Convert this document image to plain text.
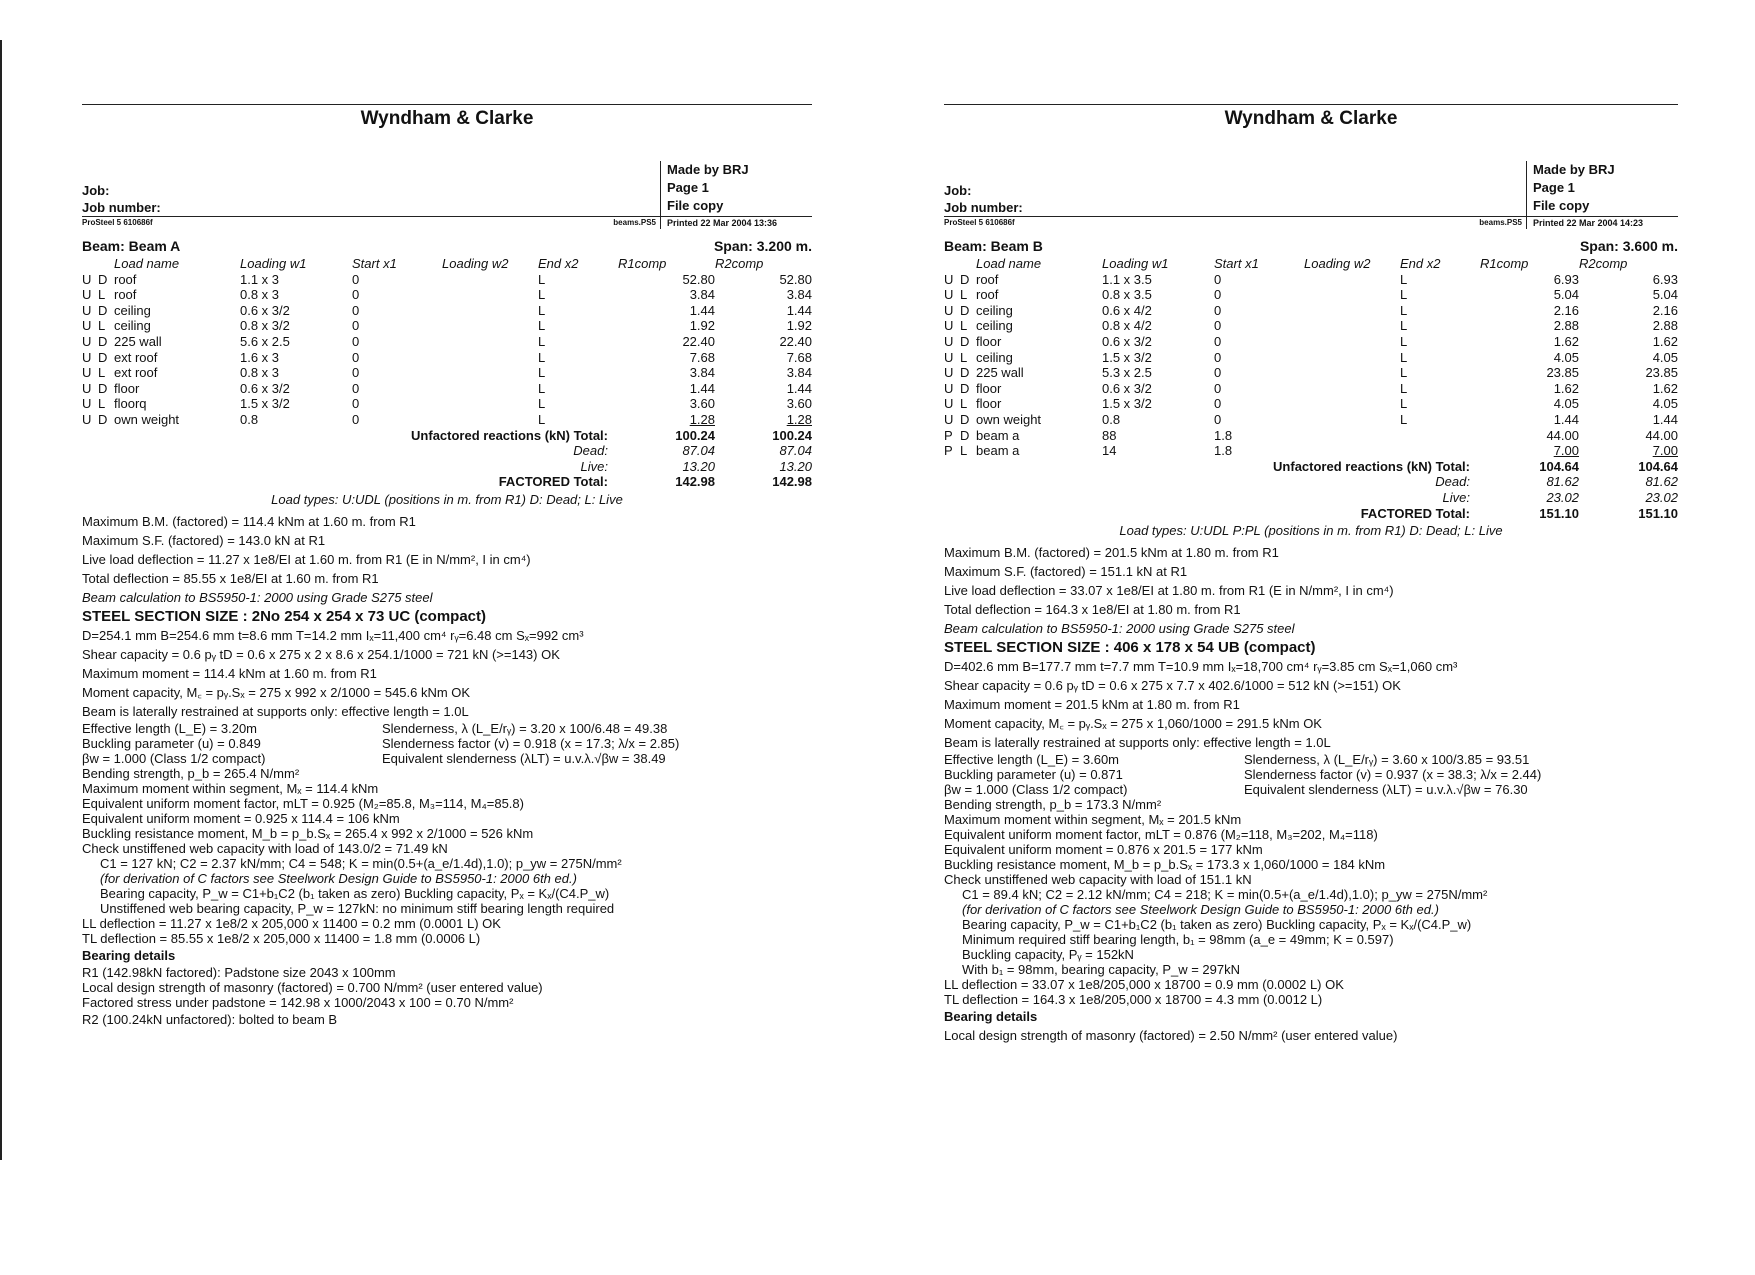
Wyndham & Clarke
Job:
Job number:
Made by BRJ
Page 1
File copy
ProSteel 5 610686f	beams.PS5	Printed 22 Mar 2004 13:36
Beam: Beam A	Span: 3.200 m.
		Load name	Loading w1	Start x1	Loading w2	End x2	R1comp	R2comp
U	D	roof	1.1 x 3	0		L	52.80	52.80
U	L	roof	0.8 x 3	0		L	3.84	3.84
U	D	ceiling	0.6 x 3/2	0		L	1.44	1.44
U	L	ceiling	0.8 x 3/2	0		L	1.92	1.92
U	D	225 wall	5.6 x 2.5	0		L	22.40	22.40
U	D	ext roof	1.6 x 3	0		L	7.68	7.68
U	L	ext roof	0.8 x 3	0		L	3.84	3.84
U	D	floor	0.6 x 3/2	0		L	1.44	1.44
U	L	floorq	1.5 x 3/2	0		L	3.60	3.60
U	D	own weight	0.8	0		L	1.28	1.28
Unfactored reactions (kN) Total:							100.24	100.24
Dead:							87.04	87.04
Live:							13.20	13.20
FACTORED Total:							142.98	142.98
Load types: U:UDL (positions in m. from R1) D: Dead; L: Live
Maximum B.M. (factored) = 114.4 kNm at 1.60 m. from R1
Maximum S.F. (factored) = 143.0 kN at R1
Live load deflection = 11.27 x 1e8/EI at 1.60 m. from R1 (E in N/mm², I in cm⁴)
Total deflection = 85.55 x 1e8/EI at 1.60 m. from R1
Beam calculation to BS5950-1: 2000 using Grade S275 steel
STEEL SECTION SIZE : 2No 254 x 254 x 73 UC (compact)
D=254.1 mm B=254.6 mm t=8.6 mm T=14.2 mm Iₓ=11,400 cm⁴ rᵧ=6.48 cm Sₓ=992 cm³
Shear capacity = 0.6 pᵧ tD = 0.6 x 275 x 2 x 8.6 x 254.1/1000 = 721 kN (>=143) OK
Maximum moment = 114.4 kNm at 1.60 m. from R1
Moment capacity, M꜀ = pᵧ.Sₓ = 275 x 992 x 2/1000 = 545.6 kNm OK
Beam is laterally restrained at supports only: effective length = 1.0L
Effective length (L_E) = 3.20m	Slenderness, λ (L_E/rᵧ) = 3.20 x 100/6.48 = 49.38
Buckling parameter (u) = 0.849	Slenderness factor (v) = 0.918 (x = 17.3; λ/x = 2.85)
βw = 1.000 (Class 1/2 compact)	Equivalent slenderness (λLT) = u.v.λ.√βw = 38.49
Bending strength, p_b = 265.4 N/mm²
Maximum moment within segment, Mₓ = 114.4 kNm
Equivalent uniform moment factor, mLT = 0.925 (M₂=85.8, M₃=114, M₄=85.8)
Equivalent uniform moment = 0.925 x 114.4 = 106 kNm
Buckling resistance moment, M_b = p_b.Sₓ = 265.4 x 992 x 2/1000 = 526 kNm
Check unstiffened web capacity with load of 143.0/2 = 71.49 kN
C1 = 127 kN; C2 = 2.37 kN/mm; C4 = 548; K = min(0.5+(a_e/1.4d),1.0); p_yw = 275N/mm²
(for derivation of C factors see Steelwork Design Guide to BS5950-1: 2000 6th ed.)
Bearing capacity, P_w = C1+b₁C2 (b₁ taken as zero) Buckling capacity, Pₓ = Kₓ/(C4.P_w)
Unstiffened web bearing capacity, P_w = 127kN: no minimum stiff bearing length required
LL deflection = 11.27 x 1e8/2 x 205,000 x 11400 = 0.2 mm (0.0001 L) OK
TL deflection = 85.55 x 1e8/2 x 205,000 x 11400 = 1.8 mm (0.0006 L)
Bearing details
R1 (142.98kN factored): Padstone size 2043 x 100mm
Local design strength of masonry (factored) = 0.700 N/mm² (user entered value)
Factored stress under padstone = 142.98 x 1000/2043 x 100 = 0.70 N/mm²
R2 (100.24kN unfactored): bolted to beam B
Wyndham & Clarke
Job:
Job number:
Made by BRJ
Page 1
File copy
ProSteel 5 610686f	beams.PS5	Printed 22 Mar 2004 14:23
Beam: Beam B	Span: 3.600 m.
		Load name	Loading w1	Start x1	Loading w2	End x2	R1comp	R2comp
U	D	roof	1.1 x 3.5	0		L	6.93	6.93
U	L	roof	0.8 x 3.5	0		L	5.04	5.04
U	D	ceiling	0.6 x 4/2	0		L	2.16	2.16
U	L	ceiling	0.8 x 4/2	0		L	2.88	2.88
U	D	floor	0.6 x 3/2	0		L	1.62	1.62
U	L	ceiling	1.5 x 3/2	0		L	4.05	4.05
U	D	225 wall	5.3 x 2.5	0		L	23.85	23.85
U	D	floor	0.6 x 3/2	0		L	1.62	1.62
U	L	floor	1.5 x 3/2	0		L	4.05	4.05
U	D	own weight	0.8	0		L	1.44	1.44
P	D	beam a	88	1.8			44.00	44.00
P	L	beam a	14	1.8			7.00	7.00
Unfactored reactions (kN) Total:							104.64	104.64
Dead:							81.62	81.62
Live:							23.02	23.02
FACTORED Total:							151.10	151.10
Load types: U:UDL P:PL (positions in m. from R1) D: Dead; L: Live
Maximum B.M. (factored) = 201.5 kNm at 1.80 m. from R1
Maximum S.F. (factored) = 151.1 kN at R1
Live load deflection = 33.07 x 1e8/EI at 1.80 m. from R1 (E in N/mm², I in cm⁴)
Total deflection = 164.3 x 1e8/EI at 1.80 m. from R1
Beam calculation to BS5950-1: 2000 using Grade S275 steel
STEEL SECTION SIZE : 406 x 178 x 54 UB (compact)
D=402.6 mm B=177.7 mm t=7.7 mm T=10.9 mm Iₓ=18,700 cm⁴ rᵧ=3.85 cm Sₓ=1,060 cm³
Shear capacity = 0.6 pᵧ tD = 0.6 x 275 x 7.7 x 402.6/1000 = 512 kN (>=151) OK
Maximum moment = 201.5 kNm at 1.80 m. from R1
Moment capacity, M꜀ = pᵧ.Sₓ = 275 x 1,060/1000 = 291.5 kNm OK
Beam is laterally restrained at supports only: effective length = 1.0L
Effective length (L_E) = 3.60m	Slenderness, λ (L_E/rᵧ) = 3.60 x 100/3.85 = 93.51
Buckling parameter (u) = 0.871	Slenderness factor (v) = 0.937 (x = 38.3; λ/x = 2.44)
βw = 1.000 (Class 1/2 compact)	Equivalent slenderness (λLT) = u.v.λ.√βw = 76.30
Bending strength, p_b = 173.3 N/mm²
Maximum moment within segment, Mₓ = 201.5 kNm
Equivalent uniform moment factor, mLT = 0.876 (M₂=118, M₃=202, M₄=118)
Equivalent uniform moment = 0.876 x 201.5 = 177 kNm
Buckling resistance moment, M_b = p_b.Sₓ = 173.3 x 1,060/1000 = 184 kNm
Check unstiffened web capacity with load of 151.1 kN
C1 = 89.4 kN; C2 = 2.12 kN/mm; C4 = 218; K = min(0.5+(a_e/1.4d),1.0); p_yw = 275N/mm²
(for derivation of C factors see Steelwork Design Guide to BS5950-1: 2000 6th ed.)
Bearing capacity, P_w = C1+b₁C2 (b₁ taken as zero) Buckling capacity, Pₓ = Kₓ/(C4.P_w)
Minimum required stiff bearing length, b₁ = 98mm (a_e = 49mm; K = 0.597)
Buckling capacity, Pᵧ = 152kN
With b₁ = 98mm, bearing capacity, P_w = 297kN
LL deflection = 33.07 x 1e8/205,000 x 18700 = 0.9 mm (0.0002 L) OK
TL deflection = 164.3 x 1e8/205,000 x 18700 = 4.3 mm (0.0012 L)
Bearing details
Local design strength of masonry (factored) = 2.50 N/mm² (user entered value)
